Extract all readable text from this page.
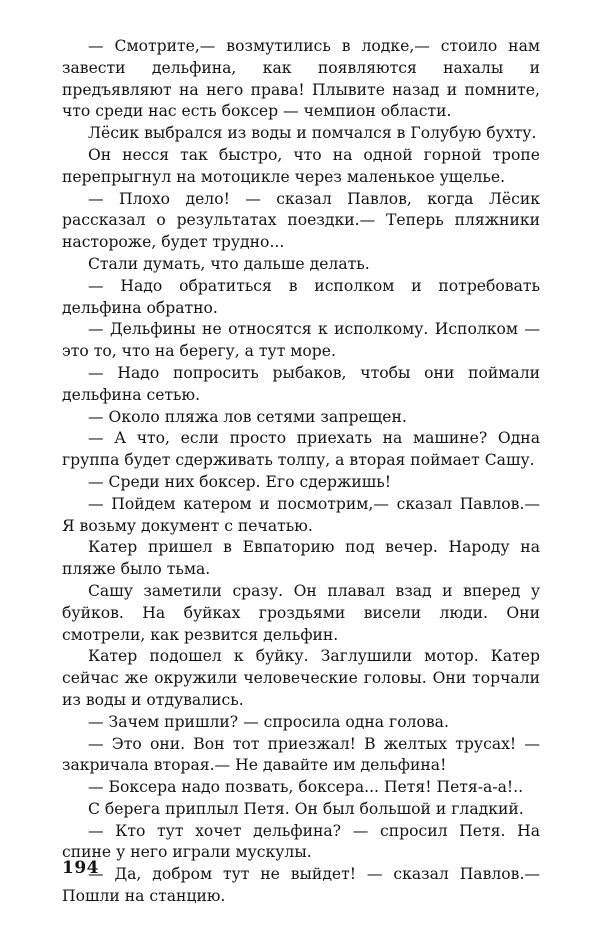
— Смотрите,— возмутились в лодке,— стоило нам завести дельфина, как появляются нахалы и предъявляют на него права! Плывите назад и помните, что среди нас есть боксер — чемпион области.

Лёсик выбрался из воды и помчался в Голубую бухту.

Он несся так быстро, что на одной горной тропе перепрыгнул на мотоцикле через маленькое ущелье.

— Плохо дело! — сказал Павлов, когда Лёсик рассказал о результатах поездки.— Теперь пляжники настороже, будет трудно...

Стали думать, что дальше делать.

— Надо обратиться в исполком и потребовать дельфина обратно.

— Дельфины не относятся к исполкому. Исполком — это то, что на берегу, а тут море.

— Надо попросить рыбаков, чтобы они поймали дельфина сетью.

— Около пляжа лов сетями запрещен.

— А что, если просто приехать на машине? Одна группа будет сдерживать толпу, а вторая поймает Сашу.

— Среди них боксер. Его сдержишь!

— Пойдем катером и посмотрим,— сказал Павлов.— Я возьму документ с печатью.

Катер пришел в Евпаторию под вечер. Народу на пляже было тьма.

Сашу заметили сразу. Он плавал взад и вперед у буйков. На буйках гроздьями висели люди. Они смотрели, как резвится дельфин.

Катер подошел к буйку. Заглушили мотор. Катер сейчас же окружили человеческие головы. Они торчали из воды и отдувались.

— Зачем пришли? — спросила одна голова.

— Это они. Вон тот приезжал! В желтых трусах! — закричала вторая.— Не давайте им дельфина!

— Боксера надо позвать, боксера... Петя! Петя-а-а!..

С берега приплыл Петя. Он был большой и гладкий.

— Кто тут хочет дельфина? — спросил Петя. На спине у него играли мускулы.

— Да, добром тут не выйдет! — сказал Павлов.— Пошли на станцию.

194
